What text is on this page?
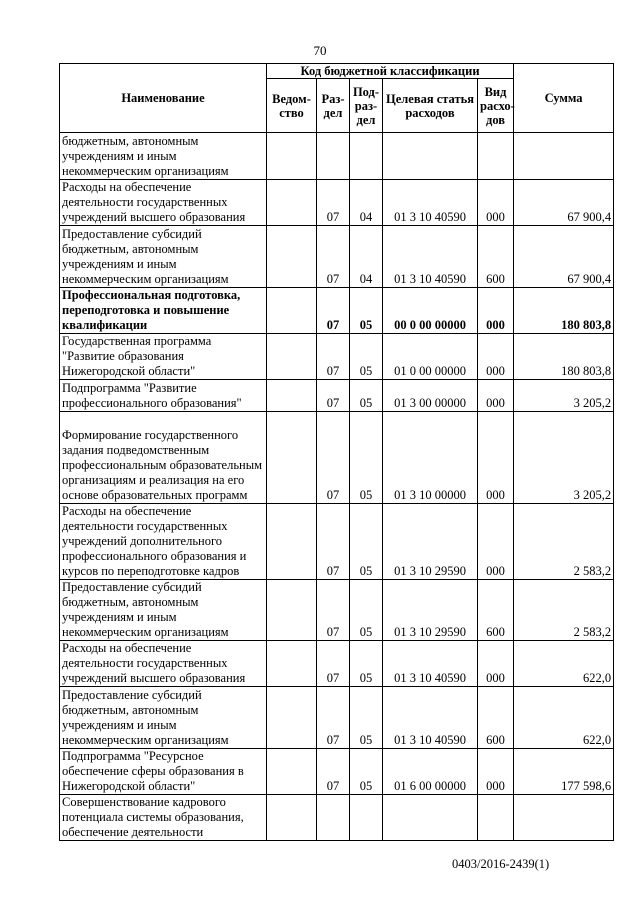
70
Наименование	Код бюджетной классификации					Сумма
	Ведом-ство	Раз-дел	Под-раз-дел	Целевая статья расходов	Вид расхо-дов	
бюджетным, автономным учреждениям и иным некоммерческим организациям						
Расходы на обеспечение деятельности государственных учреждений высшего образования		07	04	01 3 10 40590	000	67 900,4
Предоставление субсидий бюджетным, автономным учреждениям и иным некоммерческим организациям		07	04	01 3 10 40590	600	67 900,4
Профессиональная подготовка, переподготовка и повышение квалификации		07	05	00 0 00 00000	000	180 803,8
Государственная программа "Развитие образования Нижегородской области"		07	05	01 0 00 00000	000	180 803,8
Подпрограмма "Развитие профессионального образования"		07	05	01 3 00 00000	000	3 205,2
Формирование государственного задания подведомственным профессиональным образовательным организациям и реализация на его основе образовательных программ		07	05	01 3 10 00000	000	3 205,2
Расходы на обеспечение деятельности государственных учреждений дополнительного профессионального образования и курсов по переподготовке кадров		07	05	01 3 10 29590	000	2 583,2
Предоставление субсидий бюджетным, автономным учреждениям и иным некоммерческим организациям		07	05	01 3 10 29590	600	2 583,2
Расходы на обеспечение деятельности государственных учреждений высшего образования		07	05	01 3 10 40590	000	622,0
Предоставление субсидий бюджетным, автономным учреждениям и иным некоммерческим организациям		07	05	01 3 10 40590	600	622,0
Подпрограмма "Ресурсное обеспечение сферы образования в Нижегородской области"		07	05	01 6 00 00000	000	177 598,6
Совершенствование кадрового потенциала системы образования, обеспечение деятельности						
0403/2016-2439(1)
